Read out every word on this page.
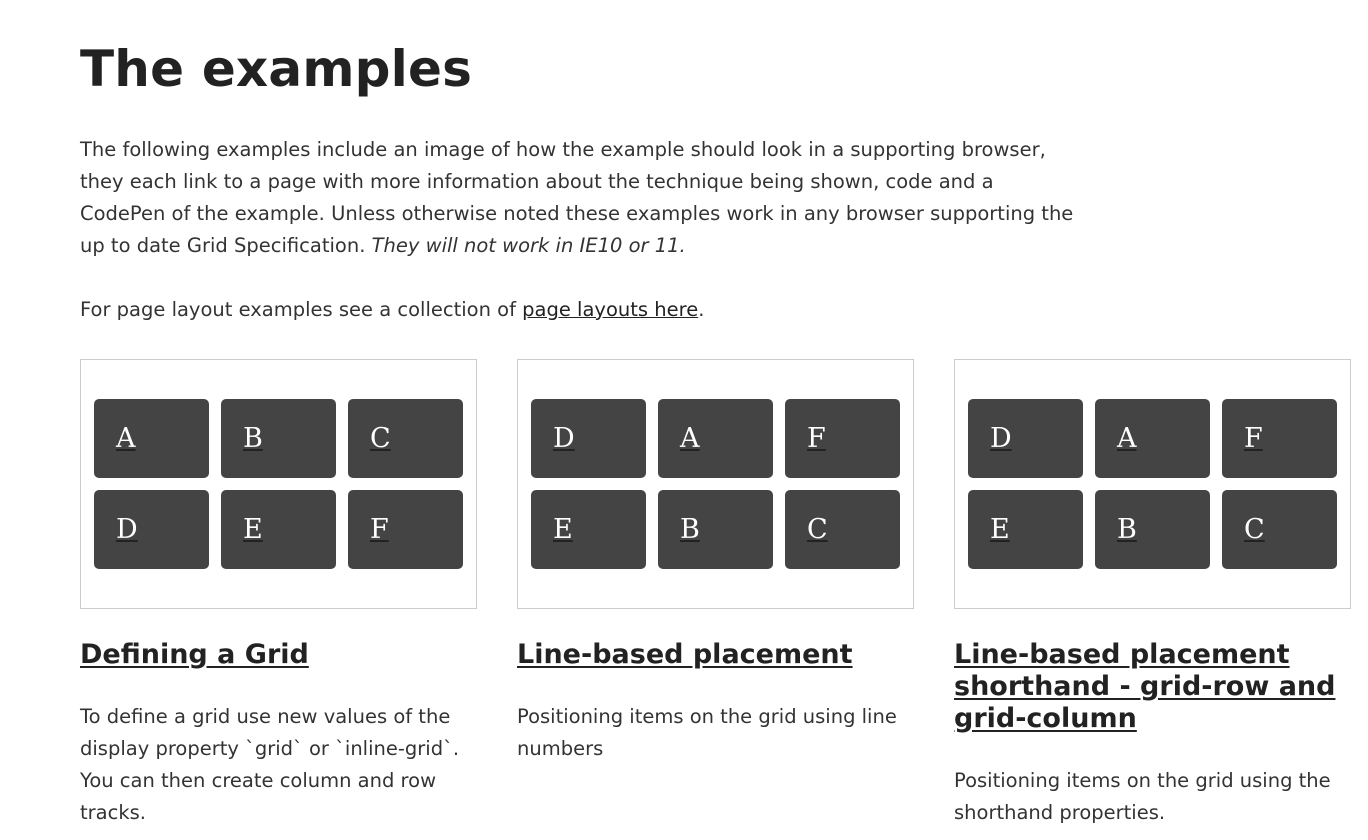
The examples

The following examples include an image of how the example should look in a supporting browser, they each link to a page with more information about the technique being shown, code and a CodePen of the example. Unless otherwise noted these examples work in any browser supporting the up to date Grid Specification. They will not work in IE10 or 11.

For page layout examples see a collection of page layouts here.

A	B	C
D	E	F
Defining a Grid

To define a grid use new values of the display property `grid` or `inline-grid`. You can then create column and row tracks.

D	A	F
E	B	C
Line-based placement

Positioning items on the grid using line numbers

D	A	F
E	B	C
Line-based placement shorthand - grid-row and grid-column

Positioning items on the grid using the shorthand properties.
